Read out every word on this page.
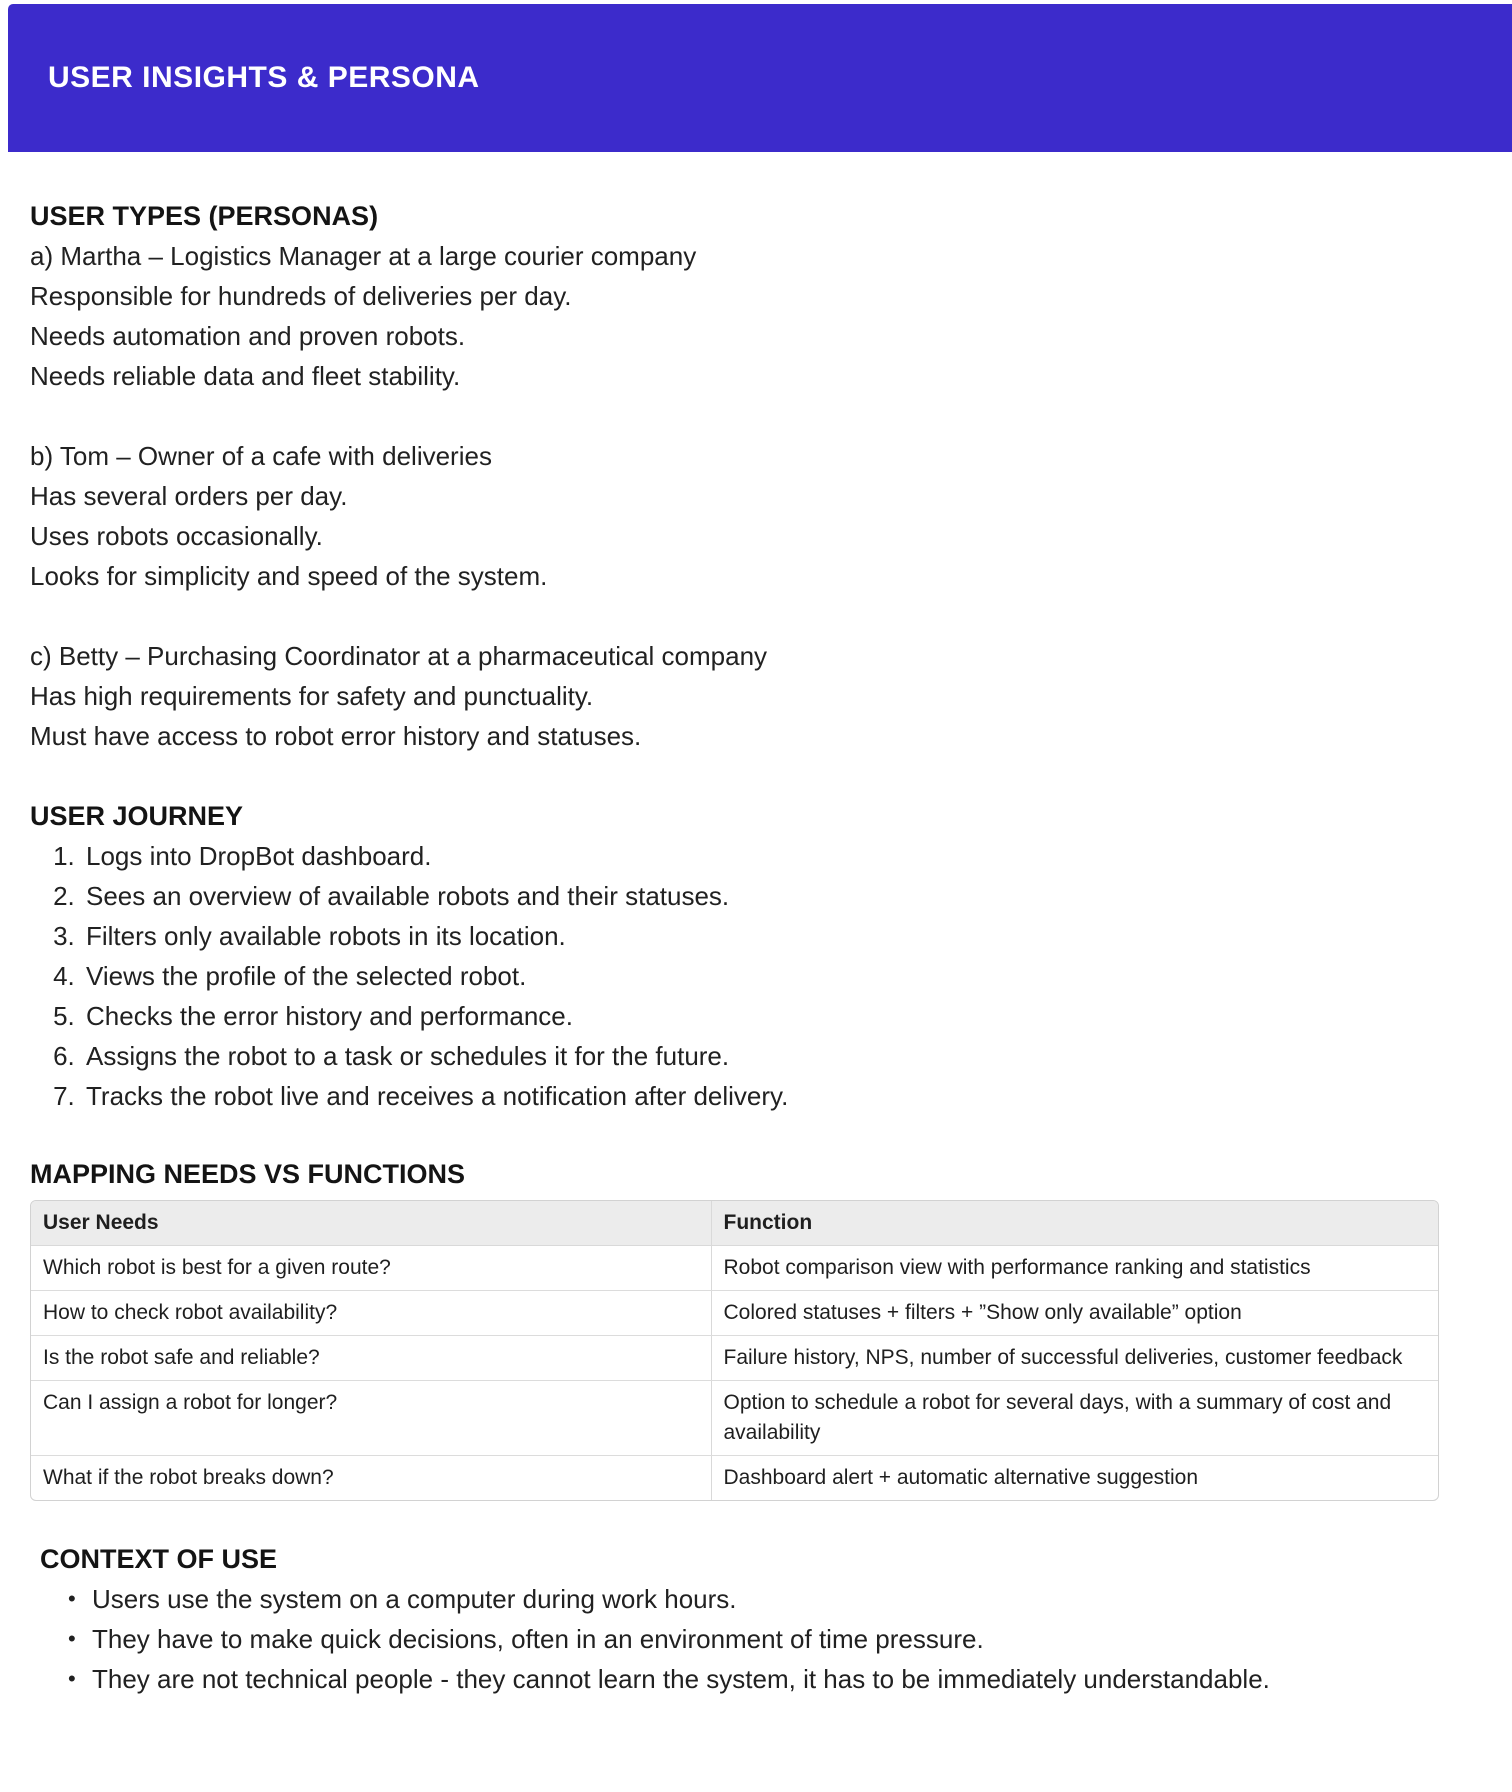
USER INSIGHTS & PERSONA
USER TYPES (PERSONAS)

a) Martha – Logistics Manager at a large courier company

Responsible for hundreds of deliveries per day.

Needs automation and proven robots.

Needs reliable data and fleet stability.

b) Tom – Owner of a cafe with deliveries

Has several orders per day.

Uses robots occasionally.

Looks for simplicity and speed of the system.

c) Betty – Purchasing Coordinator at a pharmaceutical company

Has high requirements for safety and punctuality.

Must have access to robot error history and statuses.

USER JOURNEY
1. Logs into DropBot dashboard.
2. Sees an overview of available robots and their statuses.
3. Filters only available robots in its location.
4. Views the profile of the selected robot.
5. Checks the error history and performance.
6. Assigns the robot to a task or schedules it for the future.
7. Tracks the robot live and receives a notification after delivery.
MAPPING NEEDS VS FUNCTIONS
User Needs	Function
Which robot is best for a given route?	Robot comparison view with performance ranking and statistics
How to check robot availability?	Colored statuses + filters + ”Show only available” option
Is the robot safe and reliable?	Failure history, NPS, number of successful deliveries, customer feedback
Can I assign a robot for longer?	Option to schedule a robot for several days, with a summary of cost and availability
What if the robot breaks down?	Dashboard alert + automatic alternative suggestion
CONTEXT OF USE
• Users use the system on a computer during work hours.
• They have to make quick decisions, often in an environment of time pressure.
• They are not technical people - they cannot learn the system, it has to be immediately understandable.
